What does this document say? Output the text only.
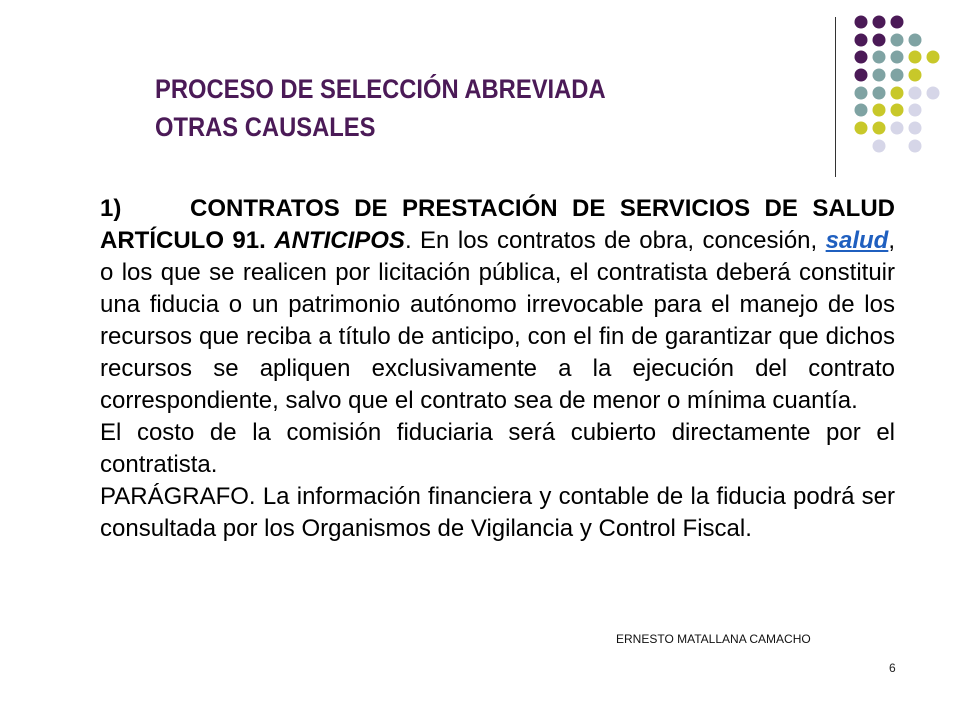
PROCESO DE SELECCIÓN ABREVIADA
OTRAS CAUSALES

1)	CONTRATOS DE PRESTACIÓN DE SERVICIOS DE SALUD ARTÍCULO 91. ANTICIPOS. En los contratos de obra, concesión, salud, o los que se realicen por licitación pública, el contratista deberá constituir una fiducia o un patrimonio autónomo irrevocable para el manejo de los recursos que reciba a título de anticipo, con el fin de garantizar que dichos recursos se apliquen exclusivamente a la ejecución del contrato correspondiente, salvo que el contrato sea de menor o mínima cuantía.

El costo de la comisión fiduciaria será cubierto directamente por el contratista.

PARÁGRAFO. La información financiera y contable de la fiducia podrá ser consultada por los Organismos de Vigilancia y Control Fiscal.

ERNESTO MATALLANA CAMACHO
6
